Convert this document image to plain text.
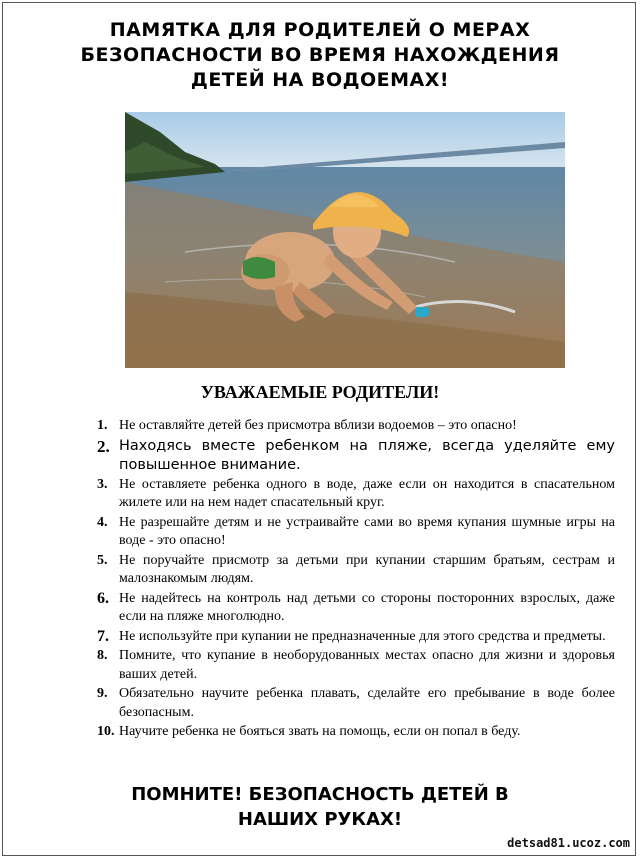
ПАМЯТКА ДЛЯ РОДИТЕЛЕЙ О МЕРАХ БЕЗОПАСНОСТИ ВО ВРЕМЯ НАХОЖДЕНИЯ ДЕТЕЙ НА ВОДОЕМАХ!
УВАЖАЕМЫЕ РОДИТЕЛИ!
1. Не оставляйте детей без присмотра вблизи водоемов – это опасно!
2. Находясь вместе ребенком на пляже, всегда уделяйте ему повышенное внимание.
3. Не оставляете ребенка одного в воде, даже если он находится в спасательном жилете или на нем надет спасательный круг.
4. Не разрешайте детям и не устраивайте сами во время купания шумные игры на воде - это опасно!
5. Не поручайте присмотр за детьми при купании старшим братьям, сестрам и малознакомым людям.
6. Не надейтесь на контроль над детьми со стороны посторонних взрослых, даже если на пляже многолюдно.
7. Не используйте при купании не предназначенные для этого средства и предметы.
8. Помните, что купание в необорудованных местах опасно для жизни и здоровья ваших детей.
9. Обязательно научите ребенка плавать, сделайте его пребывание в воде более безопасным.
10. Научите ребенка не бояться звать на помощь, если он попал в беду.
ПОМНИТЕ! БЕЗОПАСНОСТЬ ДЕТЕЙ В НАШИХ РУКАХ!
detsad81.ucoz.com
